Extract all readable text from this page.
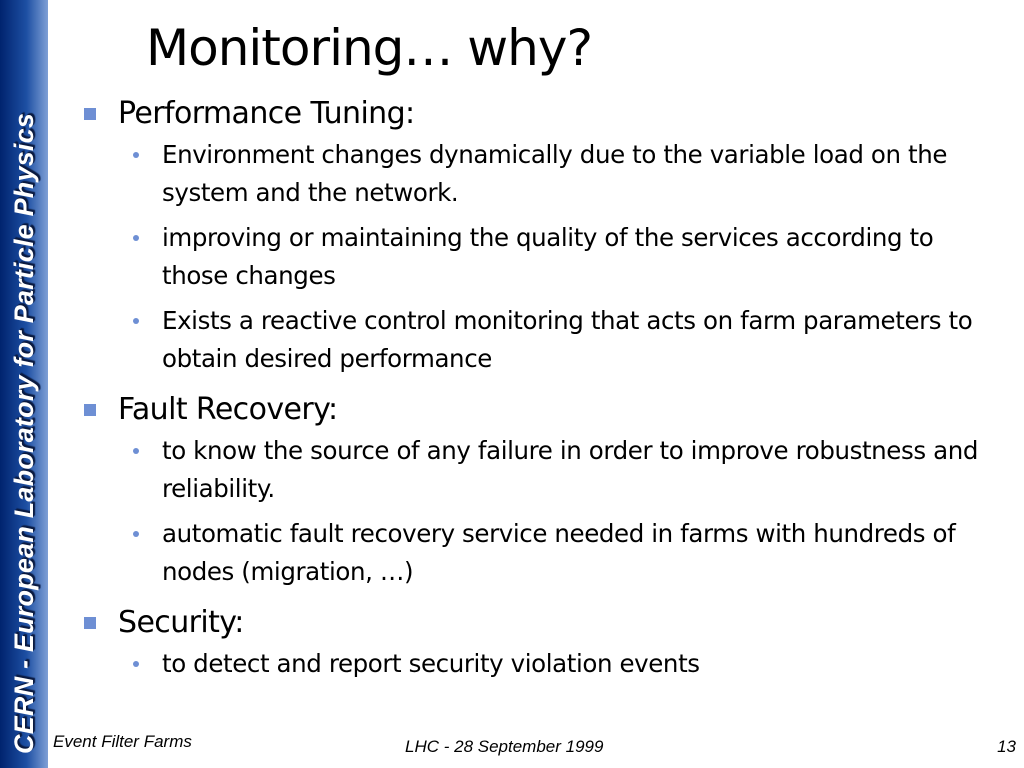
CERN - European Laboratory for Particle Physics
Monitoring… why?
Performance Tuning:
Environment changes dynamically due to the variable load on the system and the network.
improving or maintaining the quality of the services according to those changes
Exists a reactive control monitoring that acts on farm parameters to obtain desired performance
Fault Recovery:
to know the source of any failure in order to improve robustness and reliability.
automatic fault recovery service needed in farms with hundreds of nodes (migration, …)
Security:
to detect and report security violation events
Event Filter Farms	LHC - 28 September 1999	13
